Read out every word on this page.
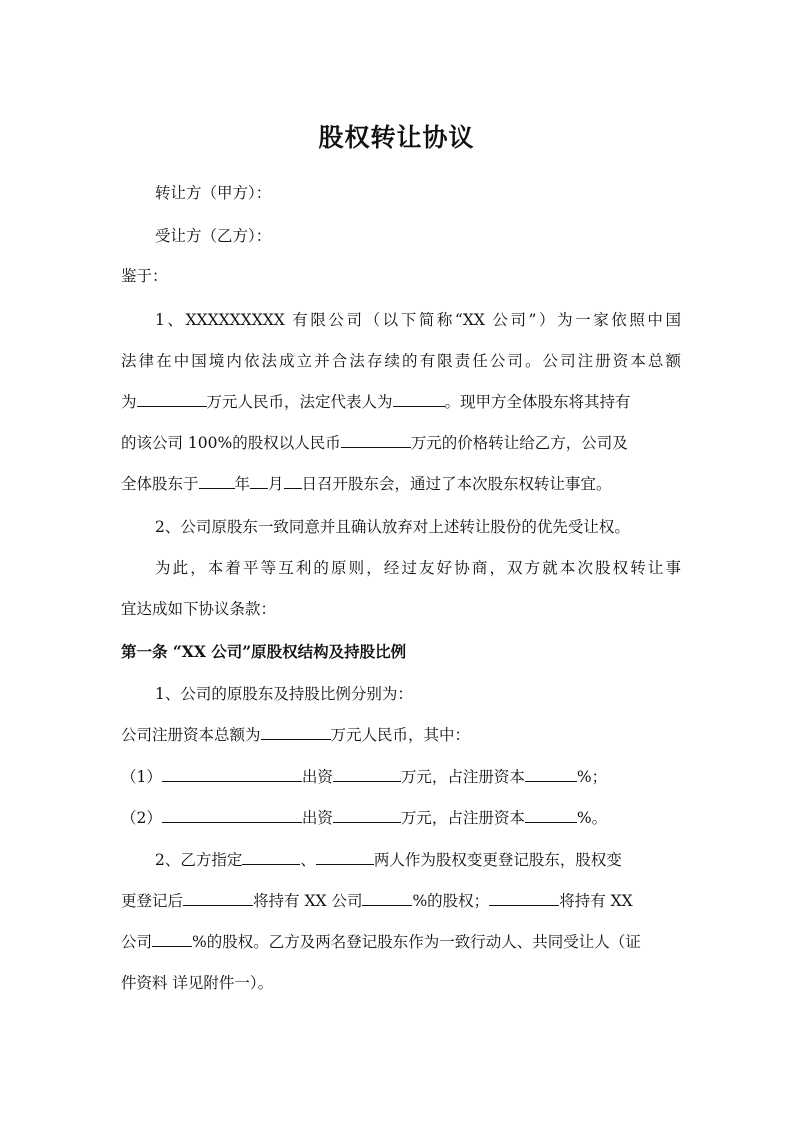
股权转让协议
转让方（甲方）：
受让方（乙方）：
鉴于：
1、XXXXXXXXX 有限公司（以下简称“XX 公司”）为一家依照中国
法律在中国境内依法成立并合法存续的有限责任公司。公司注册资本总额
为	万元人民币，法定代表人为	。现甲方全体股东将其持有
的该公司 100%的股权以人民币	万元的价格转让给乙方，公司及
全体股东于 年 月 日召开股东会，通过了本次股东权转让事宜。
2、公司原股东一致同意并且确认放弃对上述转让股份的优先受让权。
为此，本着平等互利的原则，经过友好协商，双方就本次股权转让事
宜达成如下协议条款：
第一条 “XX 公司”原股权结构及持股比例
1、公司的原股东及持股比例分别为：
公司注册资本总额为	万元人民币，其中：
（1）	出资	万元，占注册资本	%；
（2）	出资	万元，占注册资本	%。
2、乙方指定	、	两人作为股权变更登记股东，股权变
更登记后	将持有 XX 公司	%的股权；	将持有 XX
公司	%的股权。乙方及两名登记股东作为一致行动人、共同受让人（证
件资料 详见附件一）。
